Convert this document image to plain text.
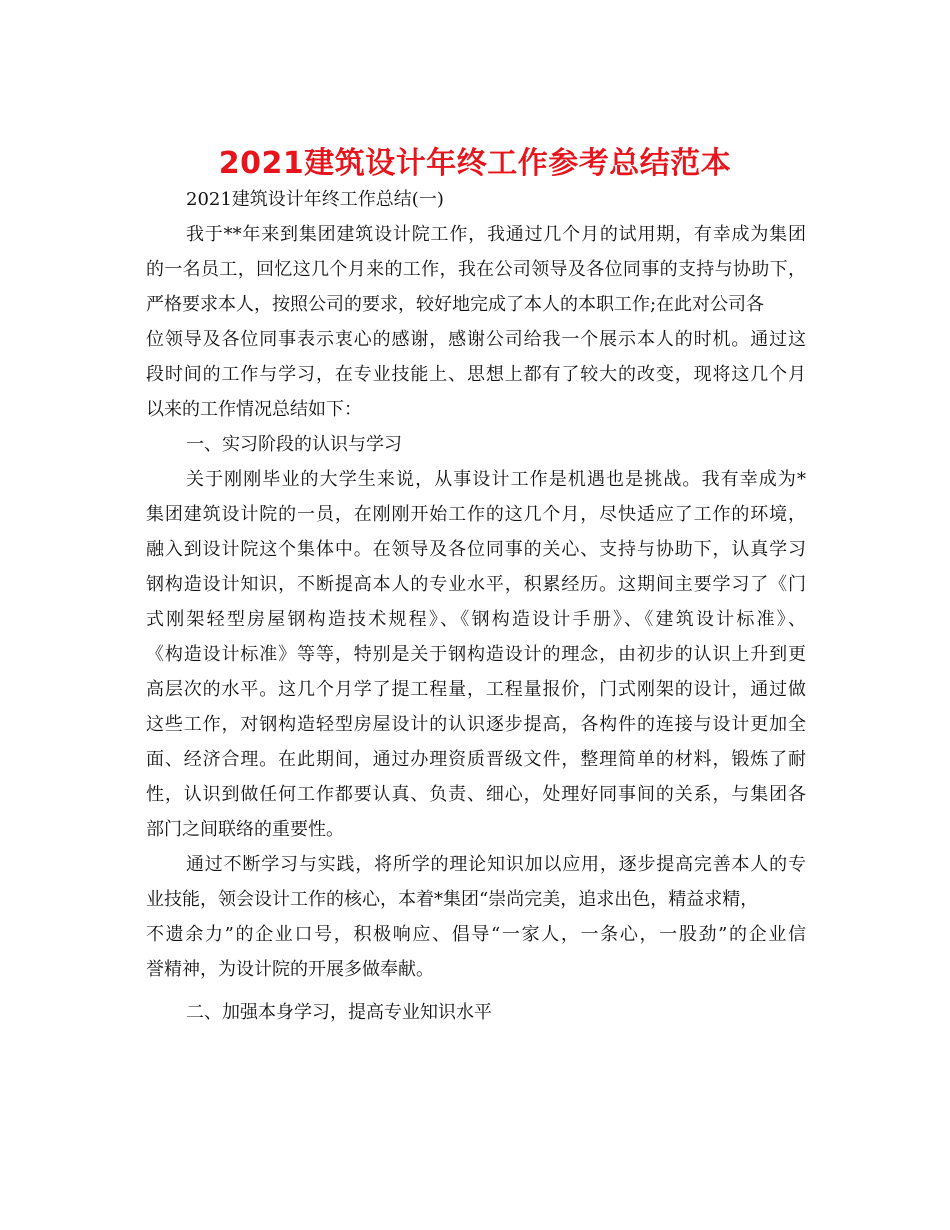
2021建筑设计年终工作参考总结范本
2021建筑设计年终工作总结(一)
我于**年来到集团建筑设计院工作，我通过几个月的试用期，有幸成为集团
的一名员工，回忆这几个月来的工作，我在公司领导及各位同事的支持与协助下，
严格要求本人，按照公司的要求，较好地完成了本人的本职工作;在此对公司各
位领导及各位同事表示衷心的感谢，感谢公司给我一个展示本人的时机。通过这
段时间的工作与学习，在专业技能上、思想上都有了较大的改变，现将这几个月
以来的工作情况总结如下：
一、实习阶段的认识与学习
关于刚刚毕业的大学生来说，从事设计工作是机遇也是挑战。我有幸成为*
集团建筑设计院的一员，在刚刚开始工作的这几个月，尽快适应了工作的环境，
融入到设计院这个集体中。在领导及各位同事的关心、支持与协助下，认真学习
钢构造设计知识，不断提高本人的专业水平，积累经历。这期间主要学习了《门
式刚架轻型房屋钢构造技术规程》、《钢构造设计手册》、《建筑设计标准》、
《构造设计标准》等等，特别是关于钢构造设计的理念，由初步的认识上升到更
高层次的水平。这几个月学了提工程量，工程量报价，门式刚架的设计，通过做
这些工作，对钢构造轻型房屋设计的认识逐步提高，各构件的连接与设计更加全
面、经济合理。在此期间，通过办理资质晋级文件，整理简单的材料，锻炼了耐
性，认识到做任何工作都要认真、负责、细心，处理好同事间的关系，与集团各
部门之间联络的重要性。
通过不断学习与实践，将所学的理论知识加以应用，逐步提高完善本人的专
业技能，领会设计工作的核心，本着*集团“崇尚完美，追求出色，精益求精，
不遗余力”的企业口号，积极响应、倡导“一家人，一条心，一股劲”的企业信
誉精神，为设计院的开展多做奉献。
二、加强本身学习，提高专业知识水平
